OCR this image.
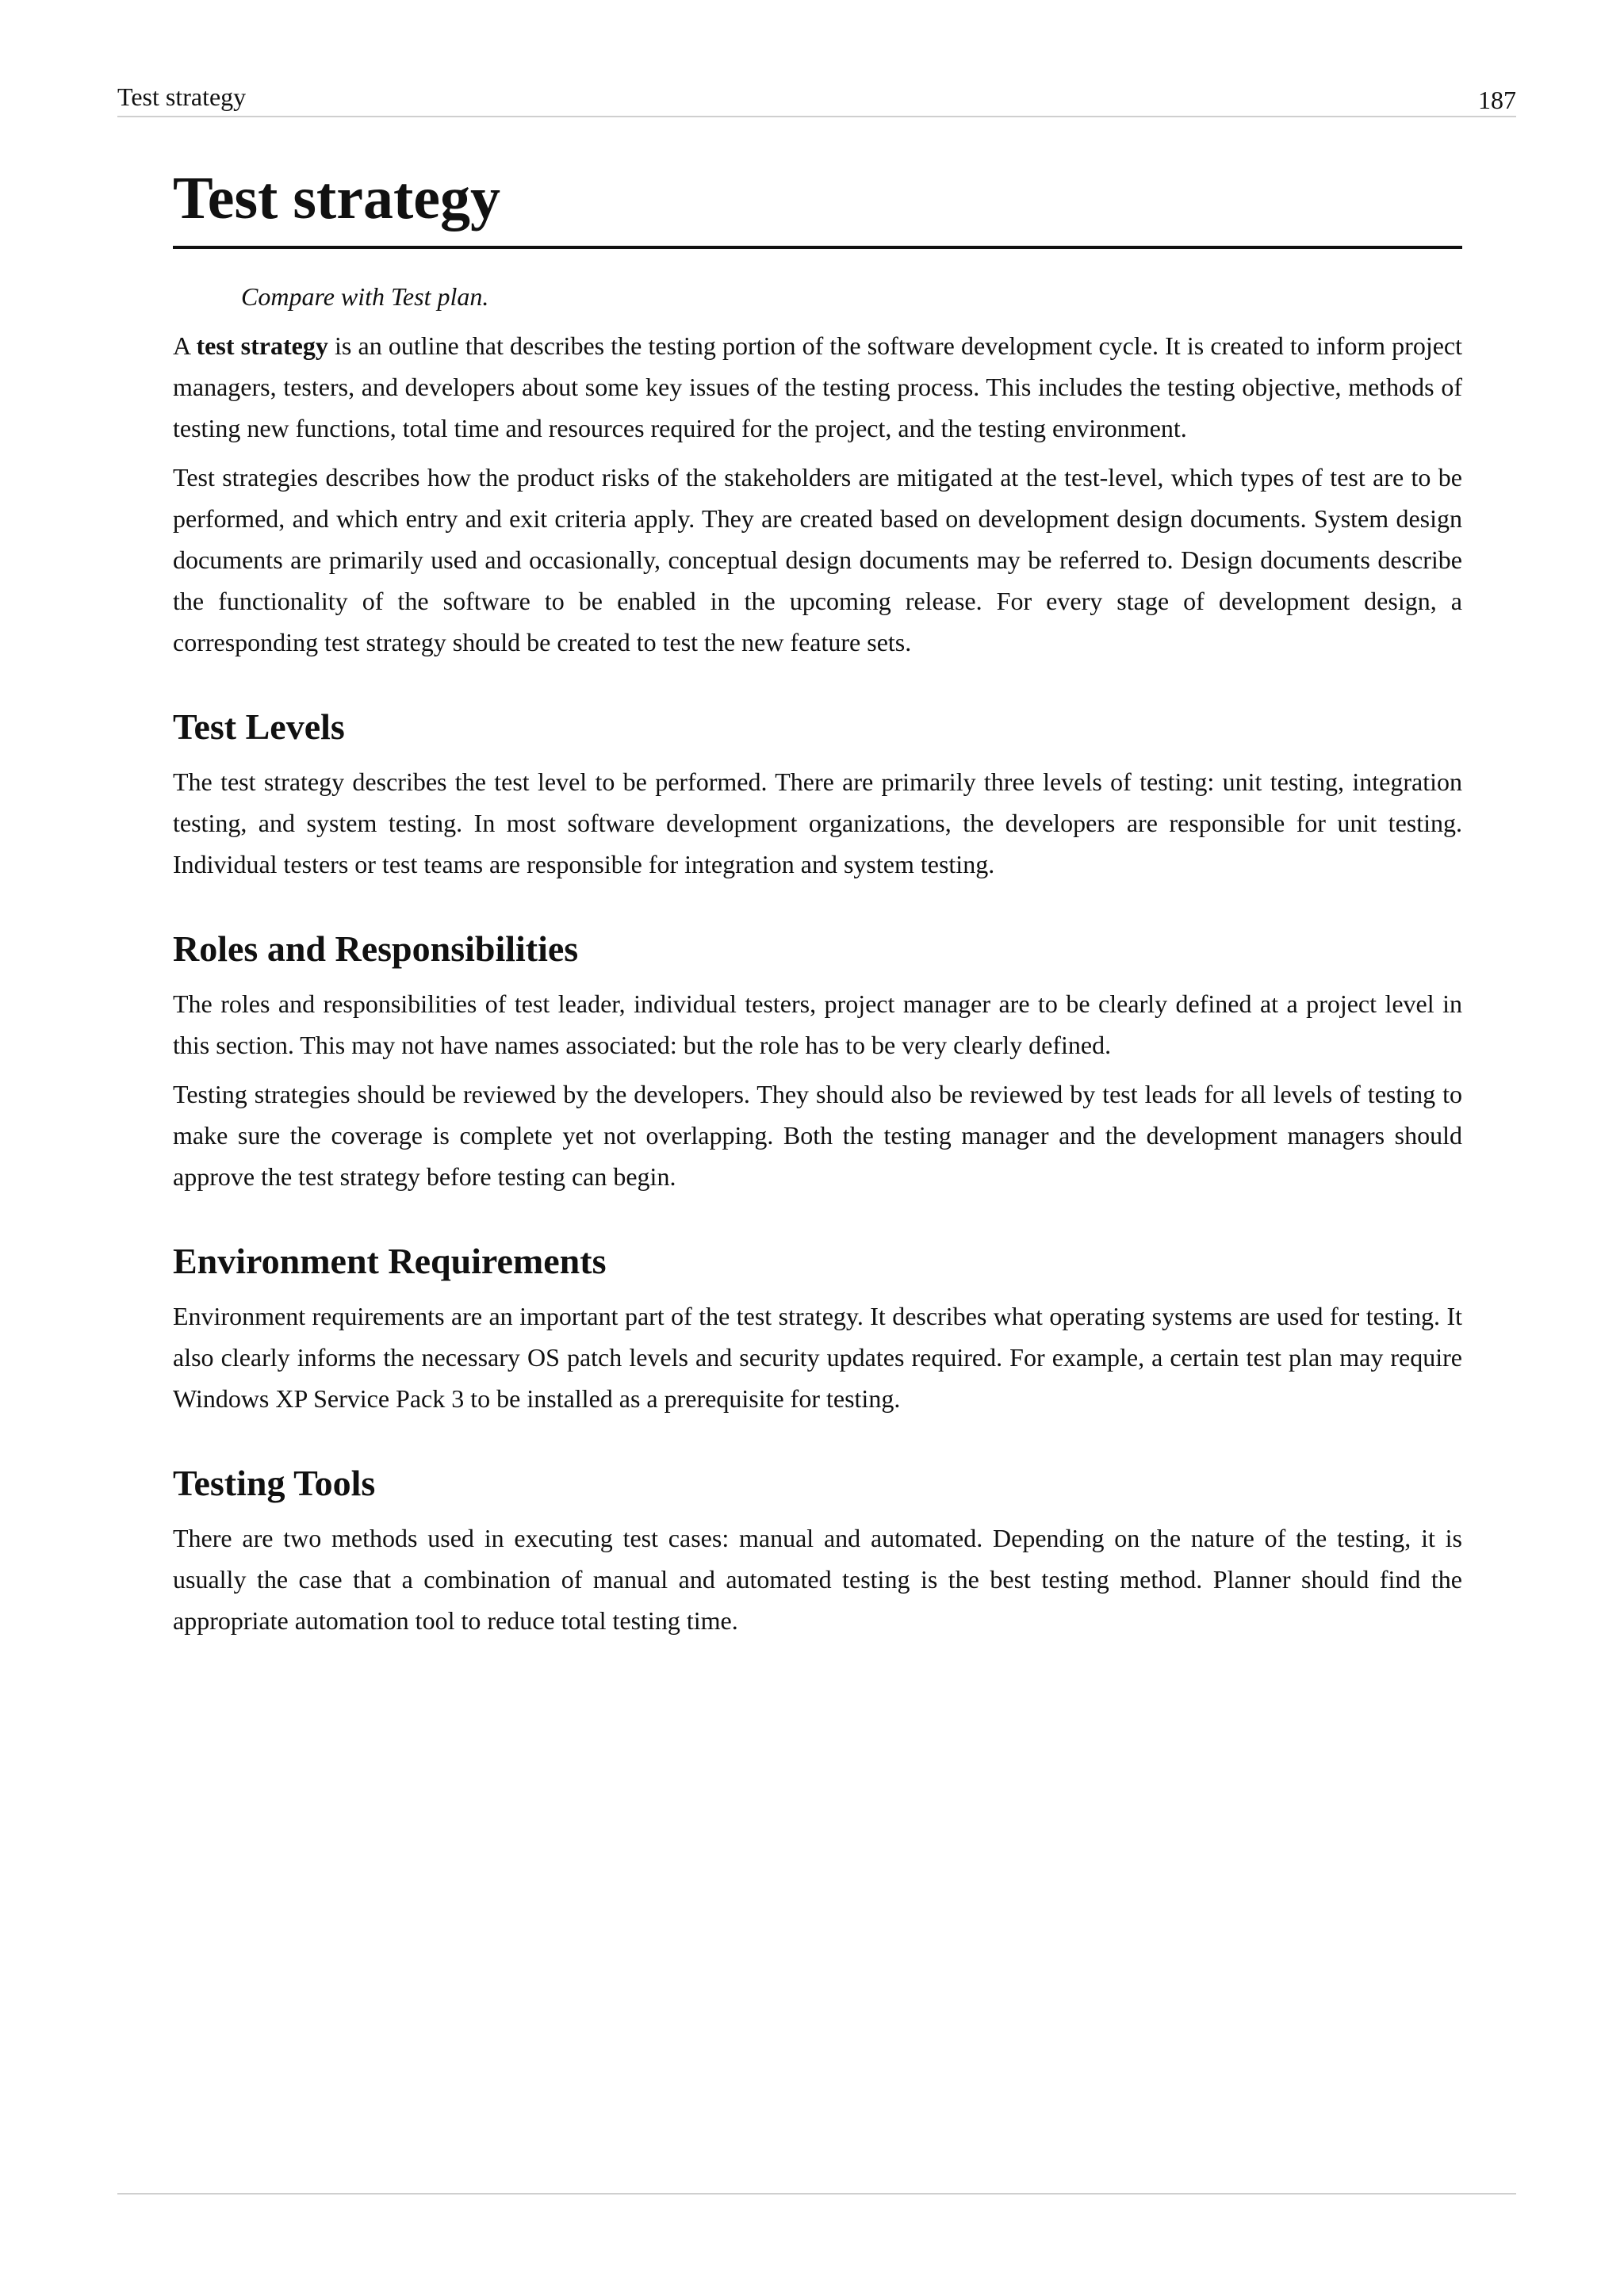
Test strategy	187
Test strategy
Compare with Test plan.

A test strategy is an outline that describes the testing portion of the software development cycle. It is created to inform project managers, testers, and developers about some key issues of the testing process. This includes the testing objective, methods of testing new functions, total time and resources required for the project, and the testing environment.

Test strategies describes how the product risks of the stakeholders are mitigated at the test-level, which types of test are to be performed, and which entry and exit criteria apply. They are created based on development design documents. System design documents are primarily used and occasionally, conceptual design documents may be referred to. Design documents describe the functionality of the software to be enabled in the upcoming release. For every stage of development design, a corresponding test strategy should be created to test the new feature sets.

Test Levels

The test strategy describes the test level to be performed. There are primarily three levels of testing: unit testing, integration testing, and system testing. In most software development organizations, the developers are responsible for unit testing. Individual testers or test teams are responsible for integration and system testing.

Roles and Responsibilities

The roles and responsibilities of test leader, individual testers, project manager are to be clearly defined at a project level in this section. This may not have names associated: but the role has to be very clearly defined.

Testing strategies should be reviewed by the developers. They should also be reviewed by test leads for all levels of testing to make sure the coverage is complete yet not overlapping. Both the testing manager and the development managers should approve the test strategy before testing can begin.

Environment Requirements

Environment requirements are an important part of the test strategy. It describes what operating systems are used for testing. It also clearly informs the necessary OS patch levels and security updates required. For example, a certain test plan may require Windows XP Service Pack 3 to be installed as a prerequisite for testing.

Testing Tools

There are two methods used in executing test cases: manual and automated. Depending on the nature of the testing, it is usually the case that a combination of manual and automated testing is the best testing method. Planner should find the appropriate automation tool to reduce total testing time.
